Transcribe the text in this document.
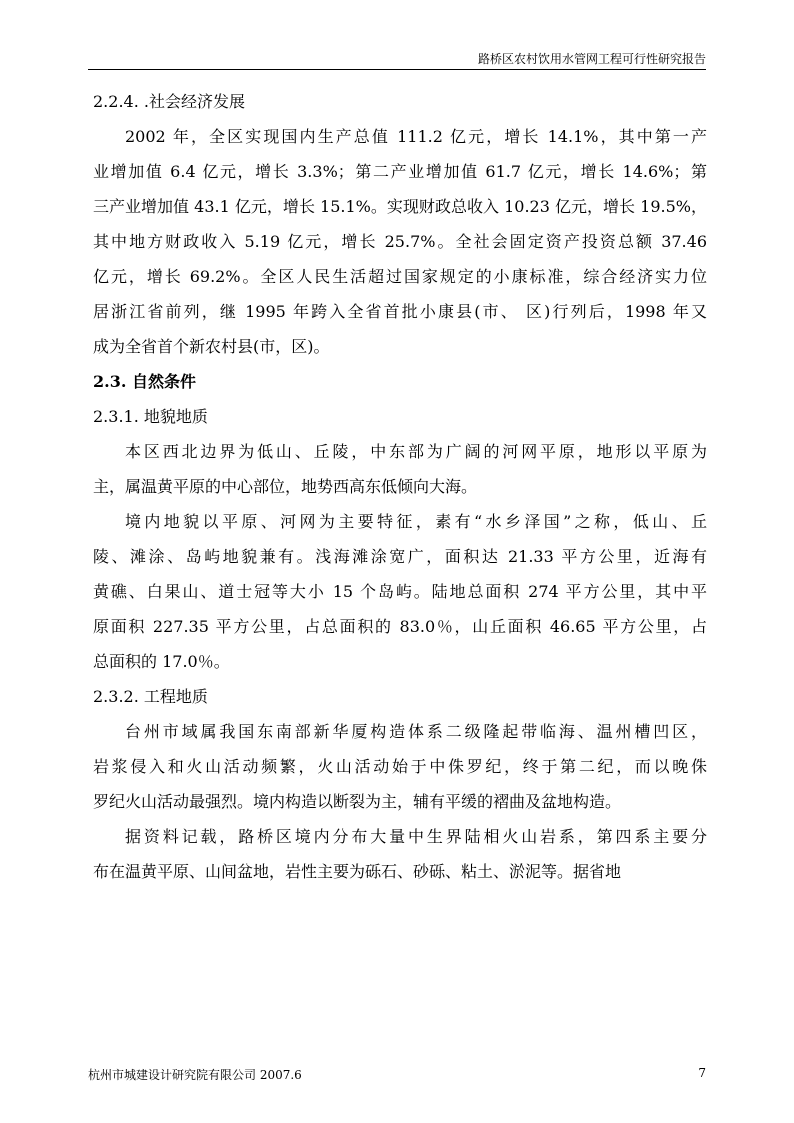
路桥区农村饮用水管网工程可行性研究报告
2.2.4. .社会经济发展
2002 年，全区实现国内生产总值 111.2 亿元，增长 14.1%，其中第一产
业增加值 6.4 亿元，增长 3.3%；第二产业增加值 61.7 亿元，增长 14.6%；第
三产业增加值 43.1 亿元，增长 15.1%。实现财政总收入 10.23 亿元，增长 19.5%，
其中地方财政收入 5.19 亿元，增长 25.7%。全社会固定资产投资总额 37.46
亿元，增长 69.2%。全区人民生活超过国家规定的小康标准，综合经济实力位
居浙江省前列，继 1995 年跨入全省首批小康县(市、 区)行列后，1998 年又
成为全省首个新农村县(市，区)。
2.3. 自然条件
2.3.1. 地貌地质
本区西北边界为低山、丘陵，中东部为广阔的河网平原，地形以平原为
主，属温黄平原的中心部位，地势西高东低倾向大海。
境内地貌以平原、河网为主要特征，素有“水乡泽国”之称，低山、丘
陵、滩涂、岛屿地貌兼有。浅海滩涂宽广，面积达 21.33 平方公里，近海有
黄礁、白果山、道士冠等大小 15 个岛屿。陆地总面积 274 平方公里，其中平
原面积 227.35 平方公里，占总面积的 83.0％，山丘面积 46.65 平方公里，占
总面积的 17.0％。
2.3.2. 工程地质
台州市域属我国东南部新华厦构造体系二级隆起带临海、温州槽凹区，
岩浆侵入和火山活动频繁，火山活动始于中侏罗纪，终于第二纪，而以晚侏
罗纪火山活动最强烈。境内构造以断裂为主，辅有平缓的褶曲及盆地构造。
据资料记载，路桥区境内分布大量中生界陆相火山岩系，第四系主要分
布在温黄平原、山间盆地，岩性主要为砾石、砂砾、粘土、淤泥等。据省地
杭州市城建设计研究院有限公司 2007.6	7
